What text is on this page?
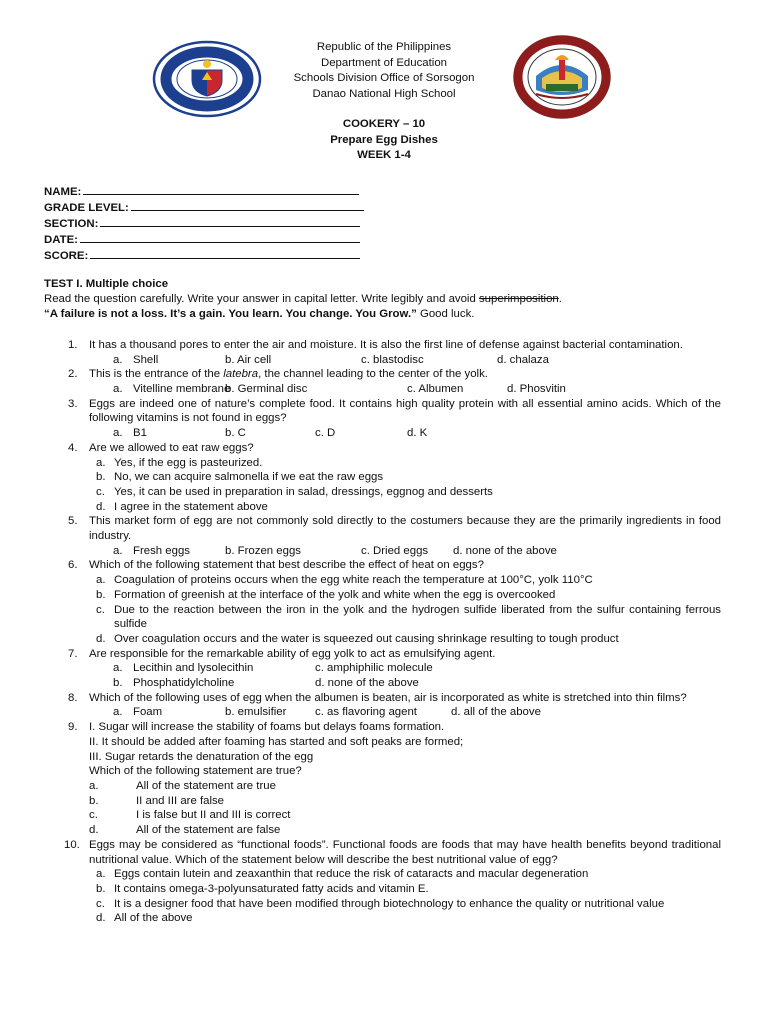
Republic of the Philippines
Department of Education
Schools Division Office of Sorsogon
Danao National High School
COOKERY – 10
Prepare Egg Dishes
WEEK 1-4
NAME:
GRADE LEVEL:
SECTION:
DATE:
SCORE:
TEST I. Multiple choice
Read the question carefully. Write your answer in capital letter. Write legibly and avoid superimposition.
“A failure is not a loss. It’s a gain. You learn. You change. You Grow.” Good luck.
1. It has a thousand pores to enter the air and moisture. It is also the first line of defense against bacterial contamination.
a. Shell	b. Air cell	c. blastodisc	d. chalaza
2. This is the entrance of the latebra, the channel leading to the center of the yolk.
a. Vitelline membrane
b. Germinal disc	c. Albumen	d. Phosvitin
3. Eggs are indeed one of nature’s complete food. It contains high quality protein with all essential amino acids. Which of the following vitamins is not found in eggs?
a. B1	b. C	c. D	d. K
4. Are we allowed to eat raw eggs?
a. Yes, if the egg is pasteurized.
b. No, we can acquire salmonella if we eat the raw eggs
c. Yes, it can be used in preparation in salad, dressings, eggnog and desserts
d. I agree in the statement above
5. This market form of egg are not commonly sold directly to the costumers because they are the primarily ingredients in food industry.
a. Fresh eggs	b. Frozen eggs	c. Dried eggs d. none of the above
6. Which of the following statement that best describe the effect of heat on eggs?
a. Coagulation of proteins occurs when the egg white reach the temperature at 100°C, yolk 110°C
b. Formation of greenish at the interface of the yolk and white when the egg is overcooked
c. Due to the reaction between the iron in the yolk and the hydrogen sulfide liberated from the sulfur containing ferrous sulfide
d. Over coagulation occurs and the water is squeezed out causing shrinkage resulting to tough product
7. Are responsible for the remarkable ability of egg yolk to act as emulsifying agent.
a. Lecithin and lysolecithin	c. amphiphilic molecule
b. Phosphatidylcholine	d. none of the above
8. Which of the following uses of egg when the albumen is beaten, air is incorporated as white is stretched into thin films?
a. Foam	b. emulsifier	c. as flavoring agent	d. all of the above
9. I. Sugar will increase the stability of foams but delays foams formation.
II. It should be added after foaming has started and soft peaks are formed;
III. Sugar retards the denaturation of the egg
Which of the following statement are true?
a.	All of the statement are true
b.	II and III are false
c.	I is false but II and III is correct
d.	All of the statement are false
10. Eggs may be considered as “functional foods”. Functional foods are foods that may have health benefits beyond traditional nutritional value. Which of the statement below will describe the best nutritional value of egg?
a. Eggs contain lutein and zeaxanthin that reduce the risk of cataracts and macular degeneration
b. It contains omega-3-polyunsaturated fatty acids and vitamin E.
c. It is a designer food that have been modified through biotechnology to enhance the quality or nutritional value
d. All of the above
